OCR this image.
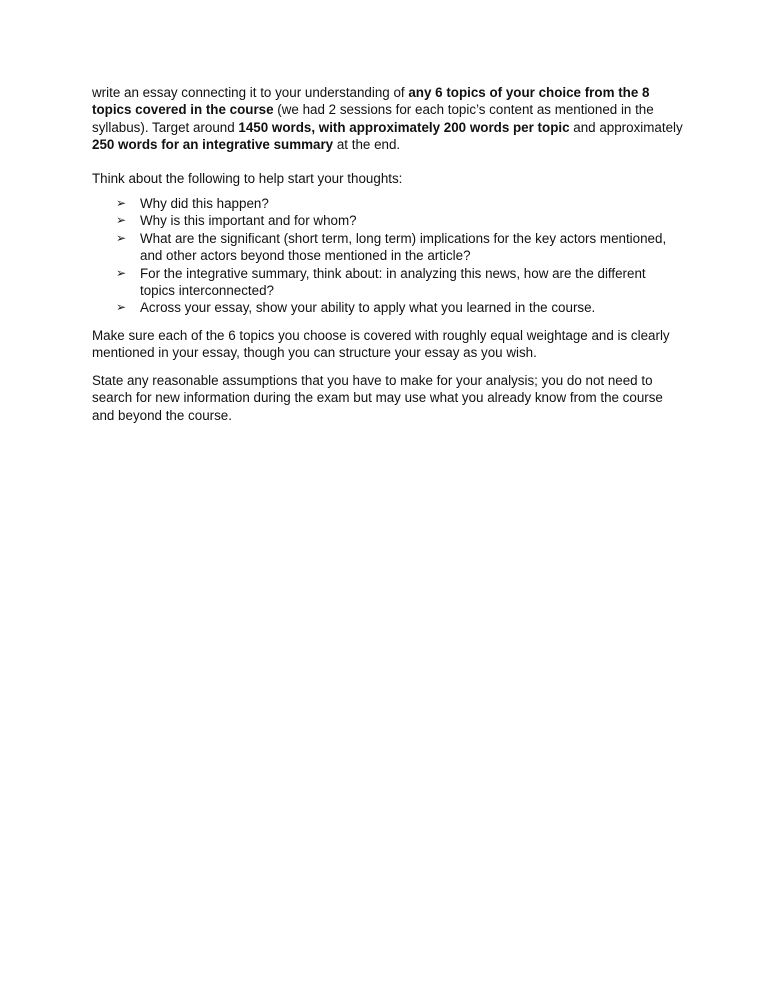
write an essay connecting it to your understanding of any 6 topics of your choice from the 8 topics covered in the course (we had 2 sessions for each topic’s content as mentioned in the syllabus). Target around 1450 words, with approximately 200 words per topic and approximately 250 words for an integrative summary at the end.

Think about the following to help start your thoughts:

➢ Why did this happen?
➢ Why is this important and for whom?
➢ What are the significant (short term, long term) implications for the key actors mentioned, and other actors beyond those mentioned in the article?
➢ For the integrative summary, think about: in analyzing this news, how are the different topics interconnected?
➢ Across your essay, show your ability to apply what you learned in the course.

Make sure each of the 6 topics you choose is covered with roughly equal weightage and is clearly mentioned in your essay, though you can structure your essay as you wish.

State any reasonable assumptions that you have to make for your analysis; you do not need to search for new information during the exam but may use what you already know from the course and beyond the course.
